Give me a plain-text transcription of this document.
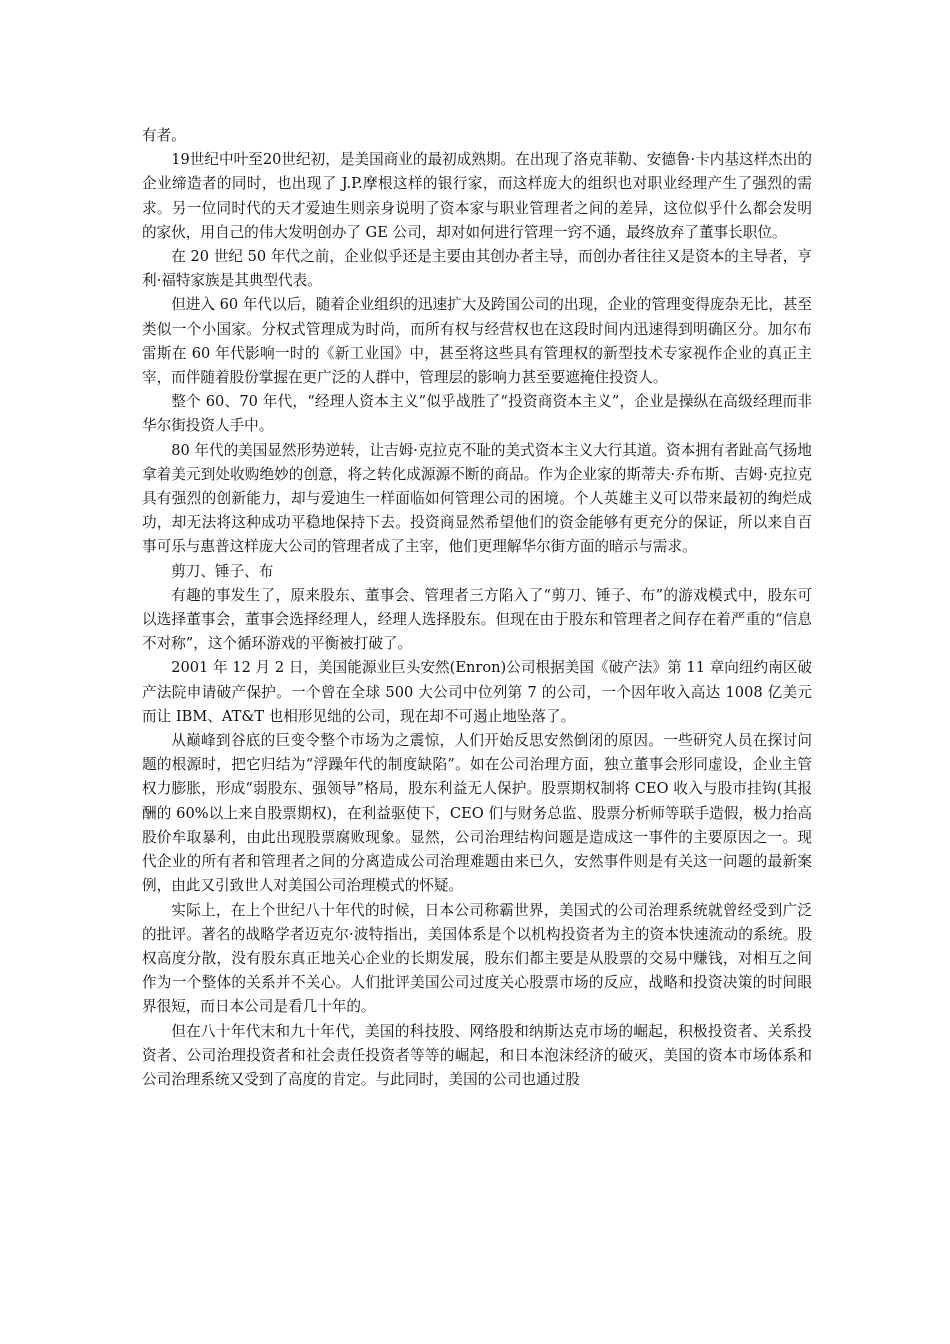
有者。

19世纪中叶至20世纪初，是美国商业的最初成熟期。在出现了洛克菲勒、安德鲁·卡内基这样杰出的企业缔造者的同时，也出现了 J.P.摩根这样的银行家，而这样庞大的组织也对职业经理产生了强烈的需求。另一位同时代的天才爱迪生则亲身说明了资本家与职业管理者之间的差异，这位似乎什么都会发明的家伙，用自己的伟大发明创办了 GE 公司，却对如何进行管理一窍不通，最终放弃了董事长职位。

在 20 世纪 50 年代之前，企业似乎还是主要由其创办者主导，而创办者往往又是资本的主导者，亨利·福特家族是其典型代表。

但进入 60 年代以后，随着企业组织的迅速扩大及跨国公司的出现，企业的管理变得庞杂无比，甚至类似一个小国家。分权式管理成为时尚，而所有权与经营权也在这段时间内迅速得到明确区分。加尔布雷斯在 60 年代影响一时的《新工业国》中，甚至将这些具有管理权的新型技术专家视作企业的真正主宰，而伴随着股份掌握在更广泛的人群中，管理层的影响力甚至要遮掩住投资人。

整个 60、70 年代，“经理人资本主义”似乎战胜了“投资商资本主义”，企业是操纵在高级经理而非华尔街投资人手中。

80 年代的美国显然形势逆转，让吉姆·克拉克不耻的美式资本主义大行其道。资本拥有者趾高气扬地拿着美元到处收购绝妙的创意，将之转化成源源不断的商品。作为企业家的斯蒂夫·乔布斯、吉姆·克拉克具有强烈的创新能力，却与爱迪生一样面临如何管理公司的困境。个人英雄主义可以带来最初的绚烂成功，却无法将这种成功平稳地保持下去。投资商显然希望他们的资金能够有更充分的保证，所以来自百事可乐与惠普这样庞大公司的管理者成了主宰，他们更理解华尔街方面的暗示与需求。

剪刀、锤子、布

有趣的事发生了，原来股东、董事会、管理者三方陷入了“剪刀、锤子、布”的游戏模式中，股东可以选择董事会，董事会选择经理人，经理人选择股东。但现在由于股东和管理者之间存在着严重的“信息不对称”，这个循环游戏的平衡被打破了。

2001 年 12 月 2 日，美国能源业巨头安然(Enron)公司根据美国《破产法》第 11 章向纽约南区破产法院申请破产保护。一个曾在全球 500 大公司中位列第 7 的公司，一个因年收入高达 1008 亿美元而让 IBM、AT&T 也相形见绌的公司，现在却不可遏止地坠落了。

从巅峰到谷底的巨变令整个市场为之震惊，人们开始反思安然倒闭的原因。一些研究人员在探讨问题的根源时，把它归结为“浮躁年代的制度缺陷”。如在公司治理方面，独立董事会形同虚设，企业主管权力膨胀，形成“弱股东、强领导”格局，股东利益无人保护。股票期权制将 CEO 收入与股市挂钩(其报酬的 60%以上来自股票期权)，在利益驱使下，CEO 们与财务总监、股票分析师等联手造假，极力抬高股价牟取暴利，由此出现股票腐败现象。显然，公司治理结构问题是造成这一事件的主要原因之一。现代企业的所有者和管理者之间的分离造成公司治理难题由来已久，安然事件则是有关这一问题的最新案例，由此又引致世人对美国公司治理模式的怀疑。

实际上，在上个世纪八十年代的时候，日本公司称霸世界，美国式的公司治理系统就曾经受到广泛的批评。著名的战略学者迈克尔·波特指出，美国体系是个以机构投资者为主的资本快速流动的系统。股权高度分散，没有股东真正地关心企业的长期发展，股东们都主要是从股票的交易中赚钱，对相互之间作为一个整体的关系并不关心。人们批评美国公司过度关心股票市场的反应，战略和投资决策的时间眼界很短，而日本公司是看几十年的。

但在八十年代末和九十年代，美国的科技股、网络股和纳斯达克市场的崛起，积极投资者、关系投资者、公司治理投资者和社会责任投资者等等的崛起，和日本泡沫经济的破灭，美国的资本市场体系和公司治理系统又受到了高度的肯定。与此同时，美国的公司也通过股
